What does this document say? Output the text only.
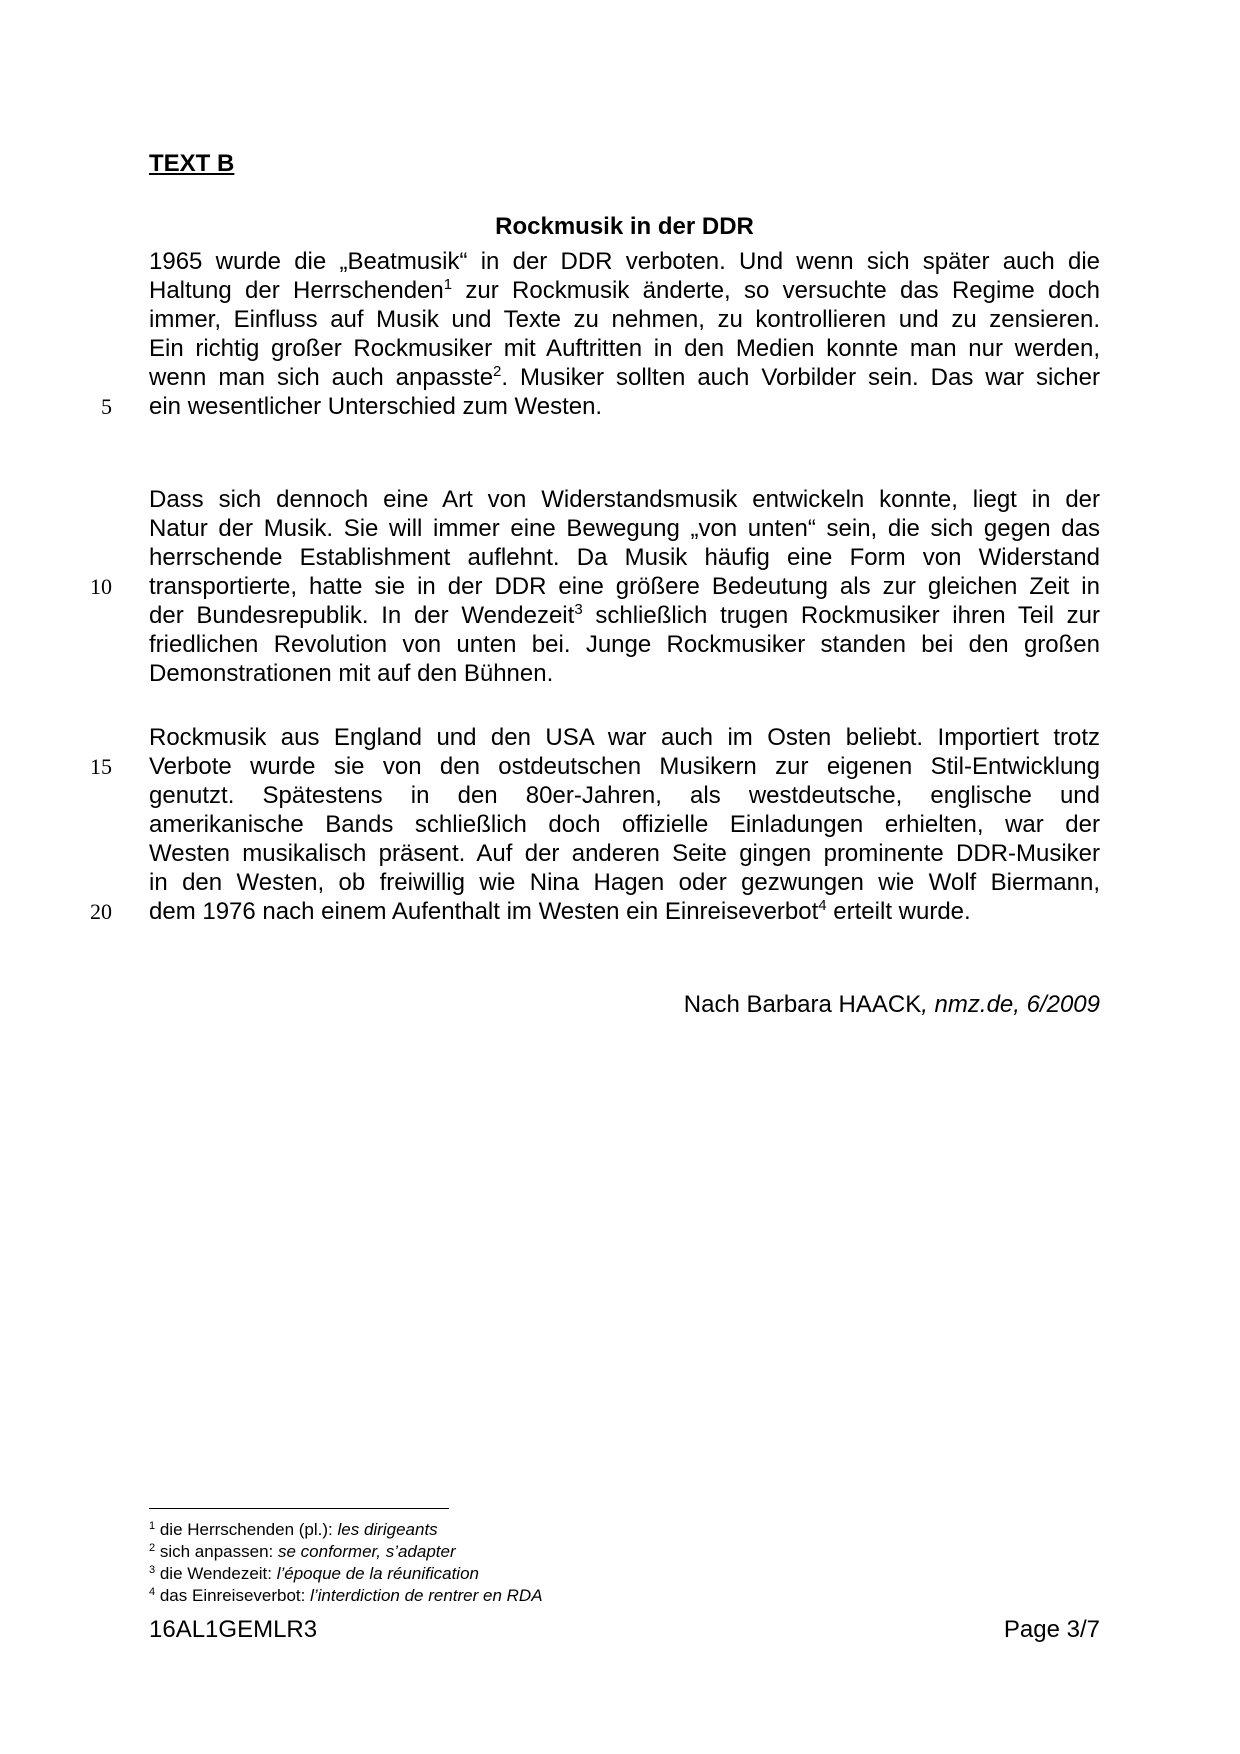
TEXT B

Rockmusik in der DDR
1965 wurde die „Beatmusik“ in der DDR verboten. Und wenn sich später auch die
Haltung der Herrschenden$^1$ zur Rockmusik änderte, so versuchte das Regime doch
immer, Einfluss auf Musik und Texte zu nehmen, zu kontrollieren und zu zensieren.
Ein richtig großer Rockmusiker mit Auftritten in den Medien konnte man nur werden,
wenn man sich auch anpasste$^2$. Musiker sollten auch Vorbilder sein. Das war sicher
ein wesentlicher Unterschied zum Westen.
Dass sich dennoch eine Art von Widerstandsmusik entwickeln konnte, liegt in der
Natur der Musik. Sie will immer eine Bewegung „von unten“ sein, die sich gegen das
herrschende Establishment auflehnt. Da Musik häufig eine Form von Widerstand
transportierte, hatte sie in der DDR eine größere Bedeutung als zur gleichen Zeit in
der Bundesrepublik. In der Wendezeit$^3$ schließlich trugen Rockmusiker ihren Teil zur
friedlichen Revolution von unten bei. Junge Rockmusiker standen bei den großen
Demonstrationen mit auf den Bühnen.
Rockmusik aus England und den USA war auch im Osten beliebt. Importiert trotz
Verbote wurde sie von den ostdeutschen Musikern zur eigenen Stil-Entwicklung
genutzt. Spätestens in den 80er-Jahren, als westdeutsche, englische und
amerikanische Bands schließlich doch offizielle Einladungen erhielten, war der
Westen musikalisch präsent. Auf der anderen Seite gingen prominente DDR-Musiker
in den Westen, ob freiwillig wie Nina Hagen oder gezwungen wie Wolf Biermann,
dem 1976 nach einem Aufenthalt im Westen ein Einreiseverbot$^4$ erteilt wurde.
5
10
15
20
Nach Barbara HAACK, nmz.de, 6/2009
$^1$ die Herrschenden (pl.): les dirigeants
$^2$ sich anpassen: se conformer, s’adapter
$^3$ die Wendezeit: l’époque de la réunification
$^4$ das Einreiseverbot: l’interdiction de rentrer en RDA
16AL1GEMLR3	Page 3/7
